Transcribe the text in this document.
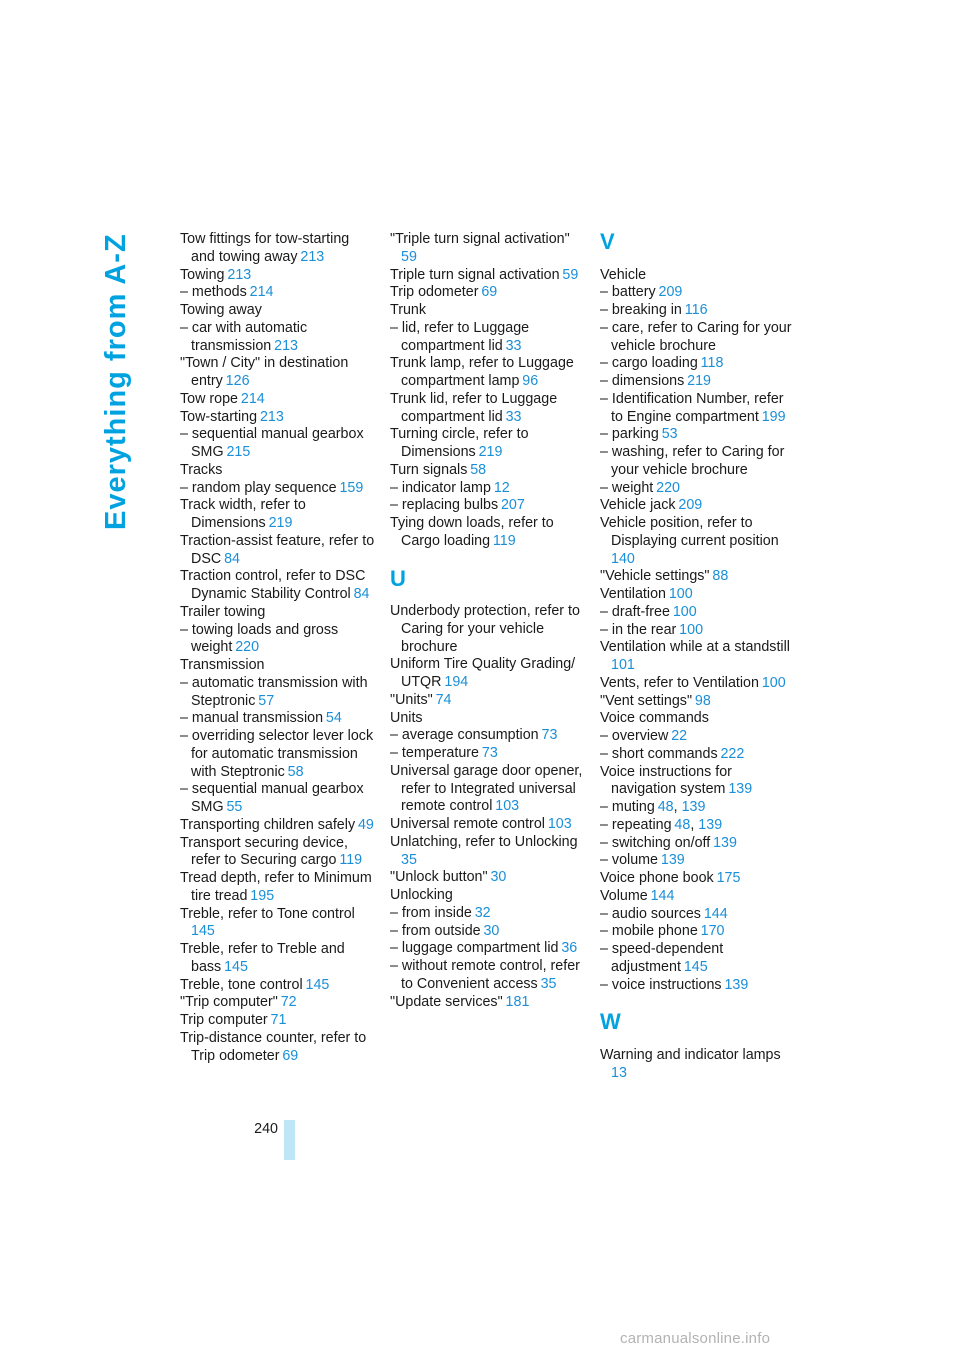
Everything from A-Z	Tow fittings for tow-starting and towing away  213
Towing  213
– methods  214
Towing away
– car with automatic transmission  213
"Town / City" in destination entry  126
Tow rope  214
Tow-starting  213
– sequential manual gearbox SMG  215
Tracks
– random play sequence  159
Track width, refer to Dimensions  219
Traction-assist feature, refer to DSC  84
Traction control, refer to DSC Dynamic Stability Control  84
Trailer towing
– towing loads and gross weight  220
Transmission
– automatic transmission with Steptronic  57
– manual transmission  54
– overriding selector lever lock for automatic transmission with Steptronic  58
– sequential manual gearbox SMG  55
Transporting children safely  49
Transport securing device, refer to Securing cargo  119
Tread depth, refer to Minimum tire tread  195
Treble, refer to Tone control 145
Treble, refer to Treble and bass  145
Treble, tone control  145
"Trip computer"  72
Trip computer  71
Trip-distance counter, refer to Trip odometer  69
"Triple turn signal activation" 59
Triple turn signal activation  59
Trip odometer  69
Trunk
– lid, refer to Luggage compartment lid  33
Trunk lamp, refer to Luggage compartment lamp  96
Trunk lid, refer to Luggage compartment lid  33
Turning circle, refer to Dimensions  219
Turn signals  58
– indicator lamp  12
– replacing bulbs  207
Tying down loads, refer to Cargo loading  119
U
Underbody protection, refer to Caring for your vehicle brochure
Uniform Tire Quality Grading/ UTQR  194
"Units"  74
Units
– average consumption  73
– temperature  73
Universal garage door opener, refer to Integrated universal remote control  103
Universal remote control  103
Unlatching, refer to Unlocking 35
"Unlock button"  30
Unlocking
– from inside  32
– from outside  30
– luggage compartment lid  36
– without remote control, refer to Convenient access  35
"Update services"  181
V
Vehicle
– battery  209
– breaking in  116
– care, refer to Caring for your vehicle brochure
– cargo loading  118
– dimensions  219
– Identification Number, refer to Engine compartment  199
– parking  53
– washing, refer to Caring for your vehicle brochure
– weight  220
Vehicle jack  209
Vehicle position, refer to Displaying current position 140
"Vehicle settings"  88
Ventilation  100
– draft-free  100
– in the rear  100
Ventilation while at a standstill 101
Vents, refer to Ventilation  100
"Vent settings"  98
Voice commands
– overview  22
– short commands  222
Voice instructions for navigation system  139
– muting  48, 139
– repeating  48, 139
– switching on/off  139
– volume  139
Voice phone book  175
Volume  144
– audio sources  144
– mobile phone  170
– speed-dependent adjustment  145
– voice instructions  139
W
Warning and indicator lamps 13
240
carmanualsonline.info
